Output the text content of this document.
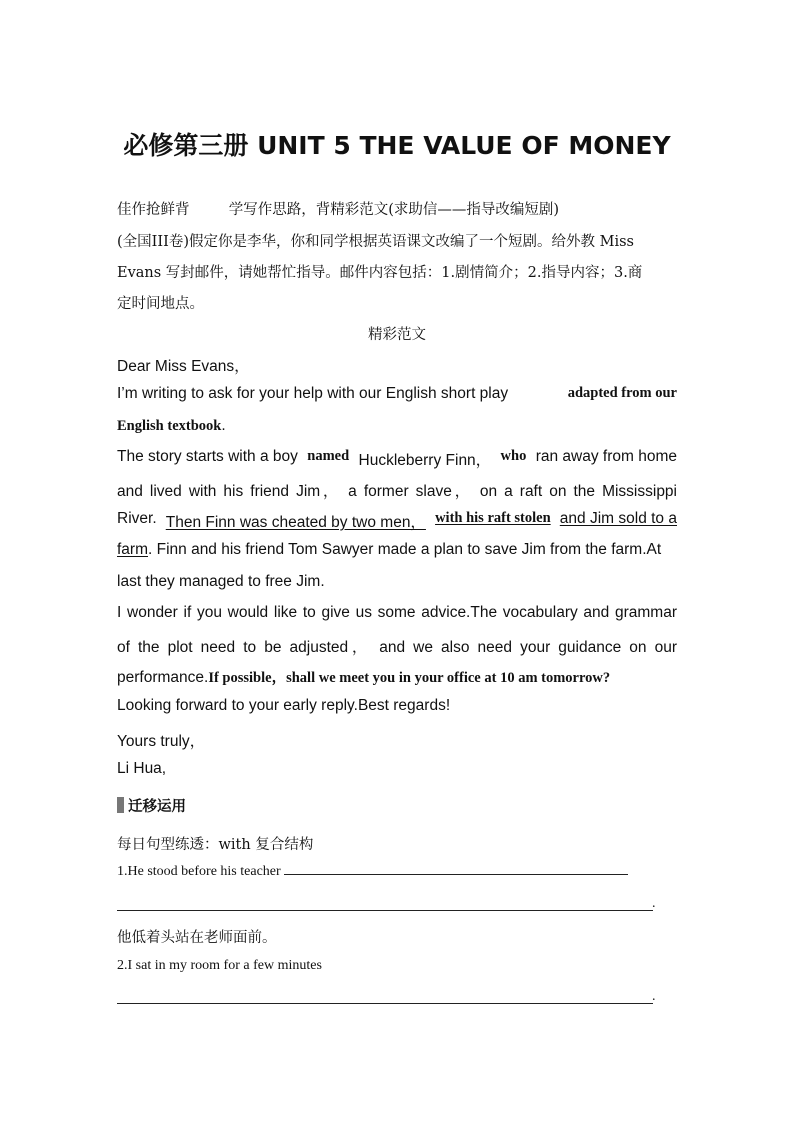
必修第三册 UNIT 5 THE VALUE OF MONEY
佳作抢鲜背	学写作思路，背精彩范文(求助信——指导改编短剧)
(全国III卷)假定你是李华，你和同学根据英语课文改编了一个短剧。给外教 Miss
Evans 写封邮件，请她帮忙指导。邮件内容包括：1.剧情简介；2.指导内容；3.商
定时间地点。
精彩范文
Dear Miss Evans，
I’m writing to ask for your help with our English short play	adapted from our
English textbook.
The story starts with a boy named Huckleberry Finn， who ran away from home
and lived with his friend Jim， a former slave， on a raft on the Mississippi
River. Then Finn was cheated by two men， with his raft stolen and Jim sold to a
farm. Finn and his friend Tom Sawyer made a plan to save Jim from the farm.At
last they managed to free Jim.
I wonder if you would like to give us some advice.The vocabulary and grammar
of the plot need to be adjusted， and we also need your guidance on our
performance.If possible，shall we meet you in your office at 10 am tomorrow?
Looking forward to your early reply.Best regards!
Yours truly，
Li Hua,
迁移运用
每日句型练透：with 复合结构
1.He stood before his teacher
.
他低着头站在老师面前。
2.I sat in my room for a few minutes
.
